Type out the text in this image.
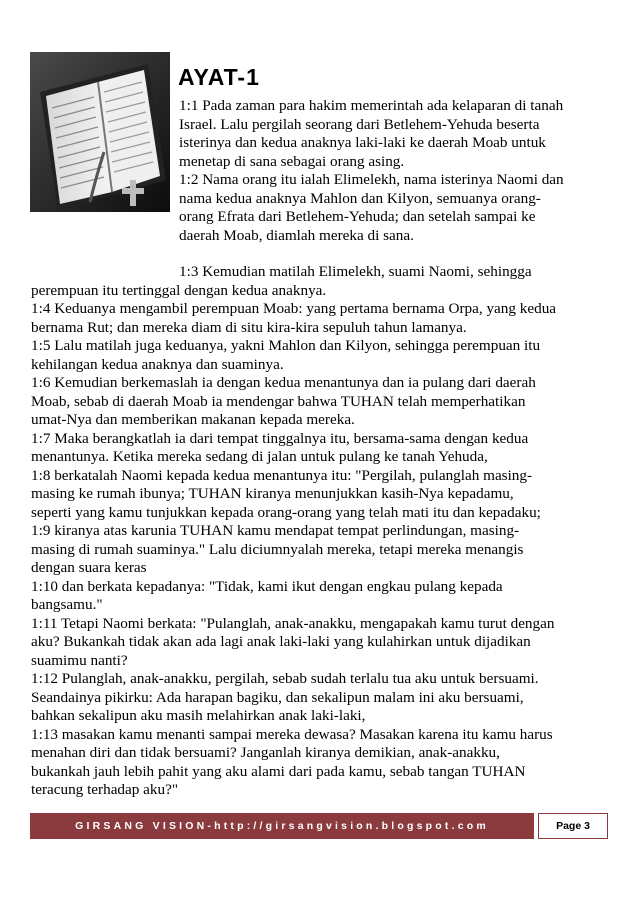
AYAT-1
1:1 Pada zaman para hakim memerintah ada kelaparan di tanah
Israel. Lalu pergilah seorang dari Betlehem-Yehuda beserta
isterinya dan kedua anaknya laki-laki ke daerah Moab untuk
menetap di sana sebagai orang asing.
1:2 Nama orang itu ialah Elimelekh, nama isterinya Naomi dan
nama kedua anaknya Mahlon dan Kilyon, semuanya orang-
orang Efrata dari Betlehem-Yehuda; dan setelah sampai ke
daerah Moab, diamlah mereka di sana.
1:3 Kemudian matilah Elimelekh, suami Naomi, sehingga
perempuan itu tertinggal dengan kedua anaknya.
1:4 Keduanya mengambil perempuan Moab: yang pertama bernama Orpa, yang kedua
bernama Rut; dan mereka diam di situ kira-kira sepuluh tahun lamanya.
1:5 Lalu matilah juga keduanya, yakni Mahlon dan Kilyon, sehingga perempuan itu
kehilangan kedua anaknya dan suaminya.
1:6 Kemudian berkemaslah ia dengan kedua menantunya dan ia pulang dari daerah
Moab, sebab di daerah Moab ia mendengar bahwa TUHAN telah memperhatikan
umat-Nya dan memberikan makanan kepada mereka.
1:7 Maka berangkatlah ia dari tempat tinggalnya itu, bersama-sama dengan kedua
menantunya. Ketika mereka sedang di jalan untuk pulang ke tanah Yehuda,
1:8 berkatalah Naomi kepada kedua menantunya itu: "Pergilah, pulanglah masing-
masing ke rumah ibunya; TUHAN kiranya menunjukkan kasih-Nya kepadamu,
seperti yang kamu tunjukkan kepada orang-orang yang telah mati itu dan kepadaku;
1:9 kiranya atas karunia TUHAN kamu mendapat tempat perlindungan, masing-
masing di rumah suaminya." Lalu diciumnyalah mereka, tetapi mereka menangis
dengan suara keras
1:10 dan berkata kepadanya: "Tidak, kami ikut dengan engkau pulang kepada
bangsamu."
1:11 Tetapi Naomi berkata: "Pulanglah, anak-anakku, mengapakah kamu turut dengan
aku? Bukankah tidak akan ada lagi anak laki-laki yang kulahirkan untuk dijadikan
suamimu nanti?
1:12 Pulanglah, anak-anakku, pergilah, sebab sudah terlalu tua aku untuk bersuami.
Seandainya pikirku: Ada harapan bagiku, dan sekalipun malam ini aku bersuami,
bahkan sekalipun aku masih melahirkan anak laki-laki,
1:13 masakan kamu menanti sampai mereka dewasa? Masakan karena itu kamu harus
menahan diri dan tidak bersuami? Janganlah kiranya demikian, anak-anakku,
bukankah jauh lebih pahit yang aku alami dari pada kamu, sebab tangan TUHAN
teracung terhadap aku?"
GIRSANG VISION-http://girsangvision.blogspot.com	Page 3
